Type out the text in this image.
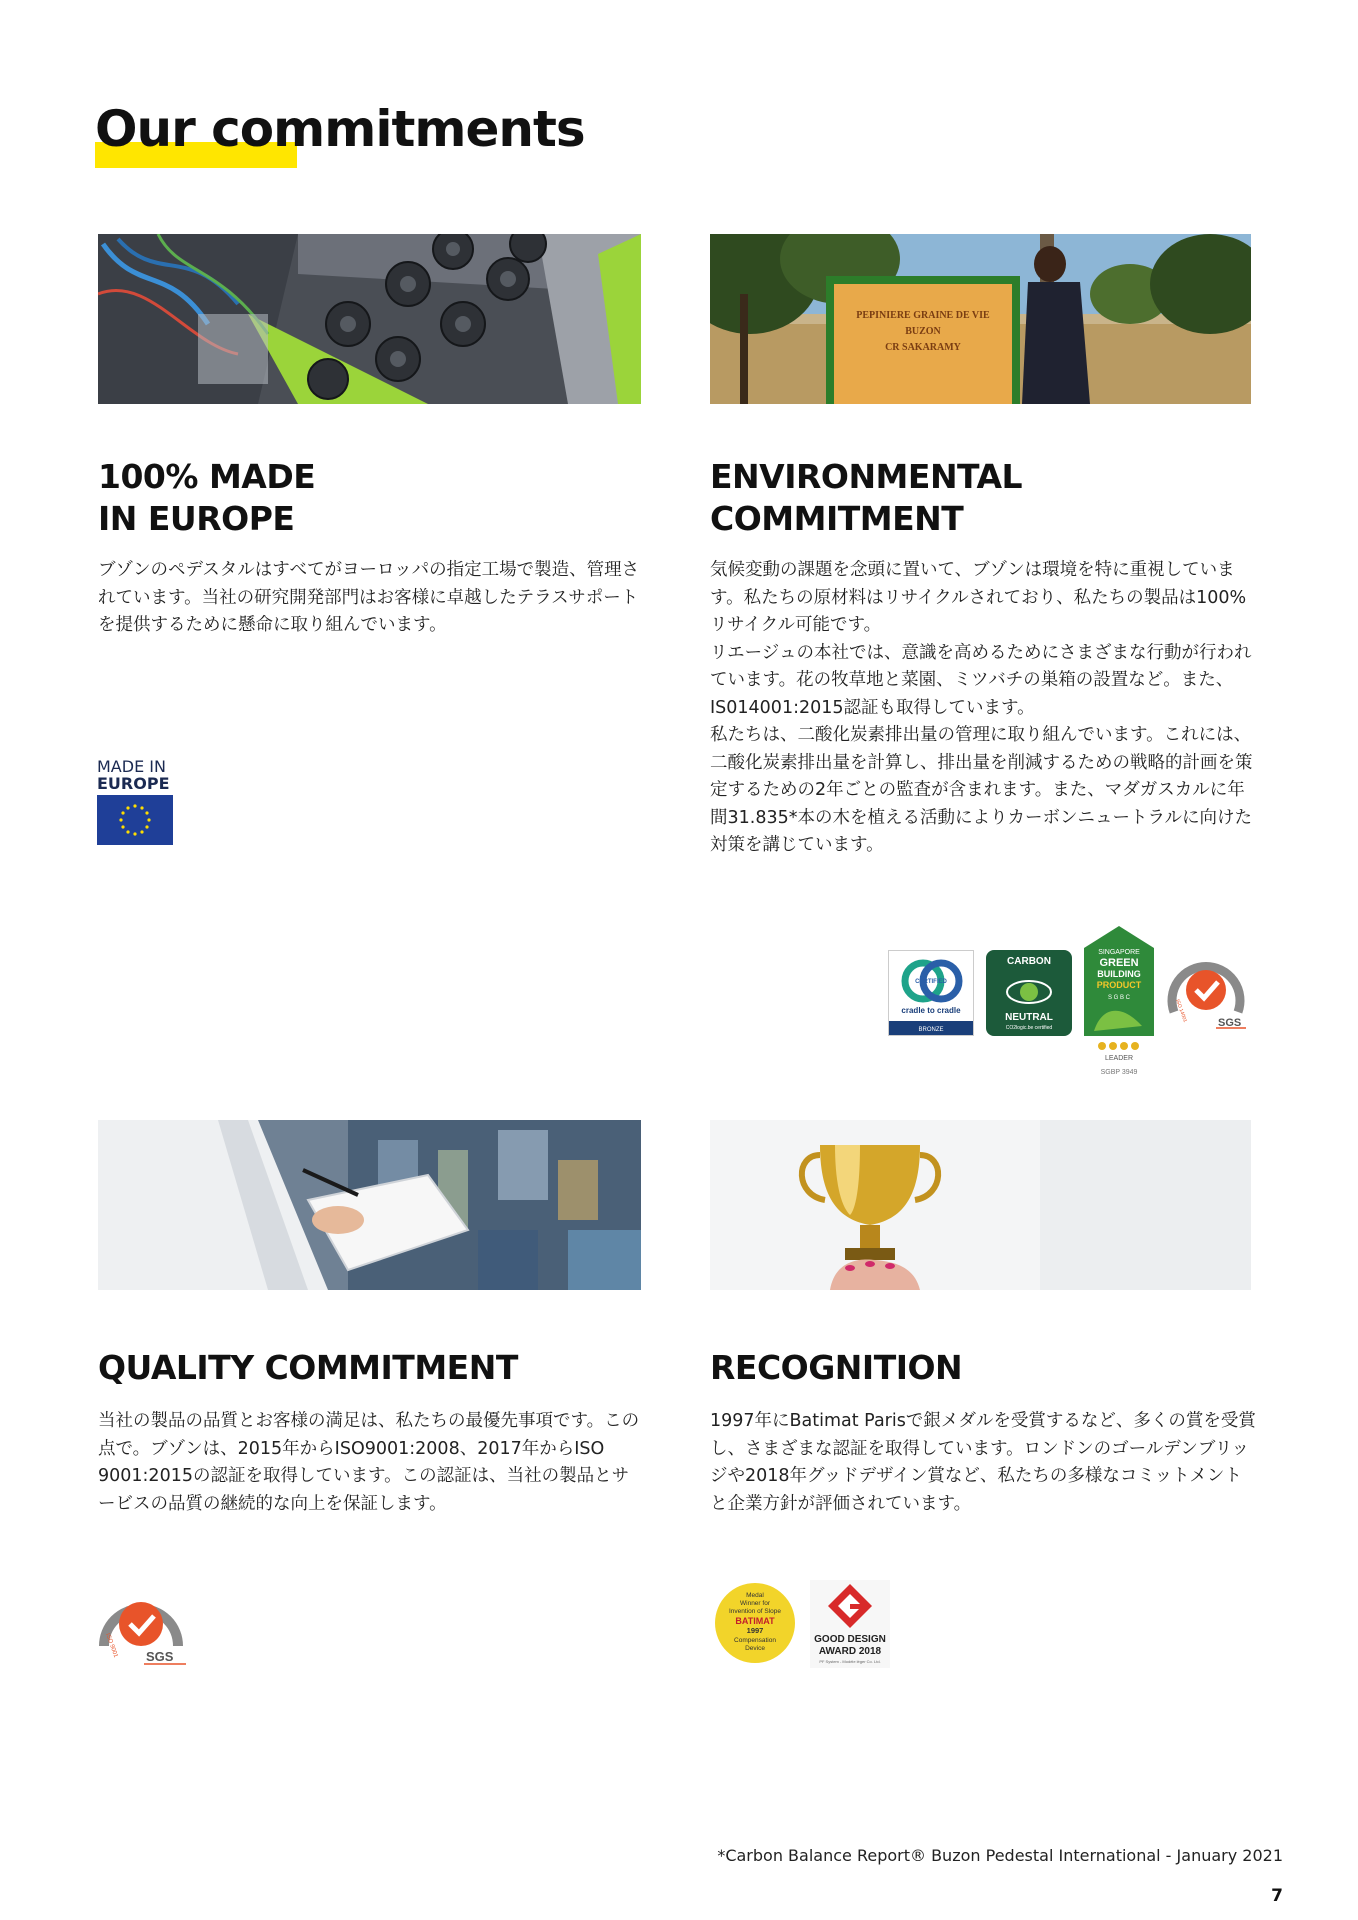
Our commitments
PEPINIERE GRAINE DE VIE
BUZON
CR SAKARAMY
100% MADE
IN EUROPE

ブゾンのペデスタルはすべてがヨーロッパの指定工場で製造、管理されています。当社の研究開発部門はお客様に卓越したテラスサポートを提供するために懸命に取り組んでいます。

ENVIRONMENTAL
COMMITMENT

気候変動の課題を念頭に置いて、ブゾンは環境を特に重視しています。私たちの原材料はリサイクルされており、私たちの製品は100%リサイクル可能です。

リエージュの本社では、意識を高めるためにさまざまな行動が行われています。花の牧草地と菜園、ミツバチの巣箱の設置など。また、IS014001:2015認証も取得しています。

私たちは、二酸化炭素排出量の管理に取り組んでいます。これには、二酸化炭素排出量を計算し、排出量を削減するための戦略的計画を策定するための2年ごとの監査が含まれます。また、マダガスカルに年間31.835*本の木を植える活動によりカーボンニュートラルに向けた対策を講じています。

MADE IN
EUROPE
CERTIFIED
cradle to cradle
BRONZE
CARBON
NEUTRAL
CO2logic.be certified
SINGAPORE
GREEN
BUILDING
PRODUCT
S G B C
LEADER
SGBP 3949
ISO 14001
SYSTEM CERTIFICATION
SGS
QUALITY COMMITMENT

当社の製品の品質とお客様の満足は、私たちの最優先事項です。この点で。ブゾンは、2015年からISO9001:2008、2017年からISO 9001:2015の認証を取得しています。この認証は、当社の製品とサービスの品質の継続的な向上を保証します。

RECOGNITION

1997年にBatimat Parisで銀メダルを受賞するなど、多くの賞を受賞し、さまざまな認証を取得しています。ロンドンのゴールデンブリッジや2018年グッドデザイン賞など、私たちの多様なコミットメントと企業方針が評価されています。

ISO 9001
SYSTEM CERTIFICATION
SGS
Medal
Winner for
Invention of Slope
BATIMAT
1997
Compensation
Device
GOOD DESIGN
AWARD 2018
PF System - Modèle léger Co. Ltd.
*Carbon Balance Report® Buzon Pedestal International - January 2021
7
